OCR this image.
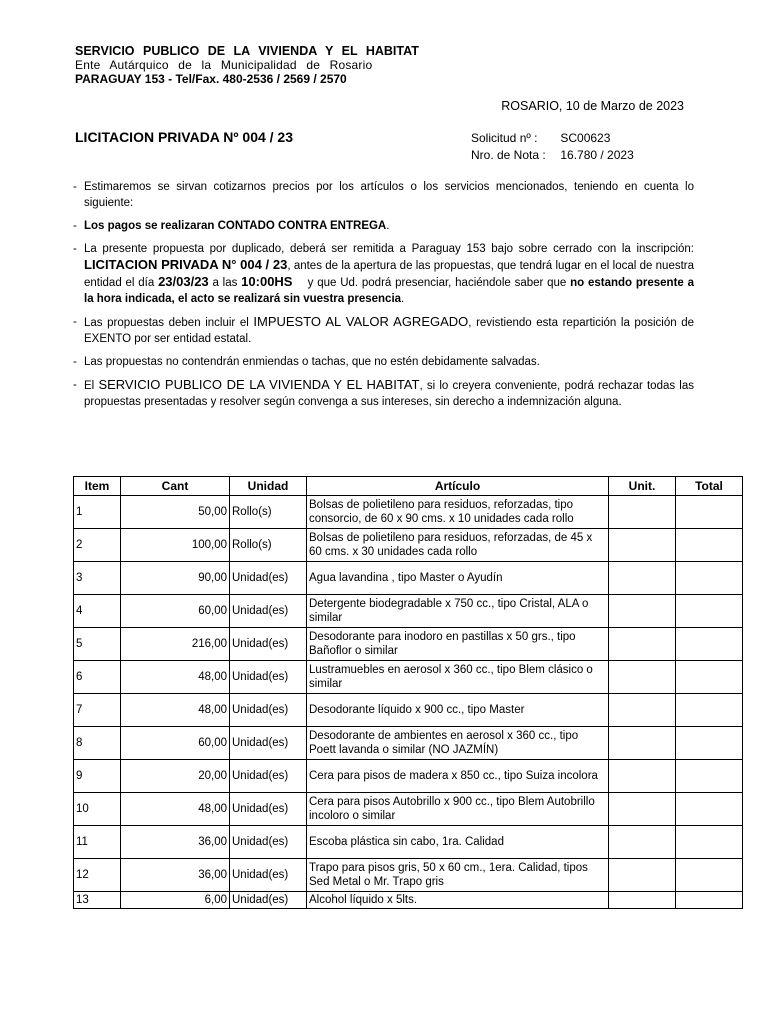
SERVICIO PUBLICO DE LA VIVIENDA Y EL HABITAT
Ente Autárquico de la Municipalidad de Rosario
PARAGUAY 153 - Tel/Fax. 480-2536 / 2569 / 2570
ROSARIO, 10 de Marzo de 2023
LICITACION PRIVADA Nº 004 / 23	Solicitud nº : SC00623
Nro. de Nota : 16.780 / 2023
- Estimaremos se sirvan cotizarnos precios por los artículos o los servicios mencionados, teniendo en cuenta lo siguiente:
- Los pagos se realizaran CONTADO CONTRA ENTREGA.
- La presente propuesta por duplicado, deberá ser remitida a Paraguay 153 bajo sobre cerrado con la inscripción: LICITACION PRIVADA N° 004 / 23, antes de la apertura de las propuestas, que tendrá lugar en el local de nuestra entidad el día 23/03/23 a las 10:00HS y que Ud. podrá presenciar, haciéndole saber que no estando presente a la hora indicada, el acto se realizará sin vuestra presencia.
- Las propuestas deben incluir el IMPUESTO AL VALOR AGREGADO, revistiendo esta repartición la posición de EXENTO por ser entidad estatal.
- Las propuestas no contendrán enmiendas o tachas, que no estén debidamente salvadas.
- El SERVICIO PUBLICO DE LA VIVIENDA Y EL HABITAT, si lo creyera conveniente, podrá rechazar todas las propuestas presentadas y resolver según convenga a sus intereses, sin derecho a indemnización alguna.
Item	Cant	Unidad	Artículo	Unit.	Total
1	50,00	Rollo(s)	Bolsas de polietileno para residuos, reforzadas, tipo consorcio, de 60 x 90 cms. x 10 unidades cada rollo		
2	100,00	Rollo(s)	Bolsas de polietileno para residuos, reforzadas, de 45 x 60 cms. x 30 unidades cada rollo		
3	90,00	Unidad(es)	Agua lavandina , tipo Master o Ayudín		
4	60,00	Unidad(es)	Detergente biodegradable x 750 cc., tipo Cristal, ALA o similar		
5	216,00	Unidad(es)	Desodorante para inodoro en pastillas x 50 grs., tipo Bañoflor o similar		
6	48,00	Unidad(es)	Lustramuebles en aerosol x 360 cc., tipo Blem clásico o similar		
7	48,00	Unidad(es)	Desodorante líquido x 900 cc., tipo Master		
8	60,00	Unidad(es)	Desodorante de ambientes en aerosol x 360 cc., tipo Poett lavanda o similar (NO JAZMÍN)		
9	20,00	Unidad(es)	Cera para pisos de madera x 850 cc., tipo Suiza incolora		
10	48,00	Unidad(es)	Cera para pisos Autobrillo x 900 cc., tipo Blem Autobrillo incoloro o similar		
11	36,00	Unidad(es)	Escoba plástica sin cabo, 1ra. Calidad		
12	36,00	Unidad(es)	Trapo para pisos gris, 50 x 60 cm., 1era. Calidad, tipos Sed Metal o Mr. Trapo gris		
13	6,00	Unidad(es)	Alcohol líquido x 5lts.		
